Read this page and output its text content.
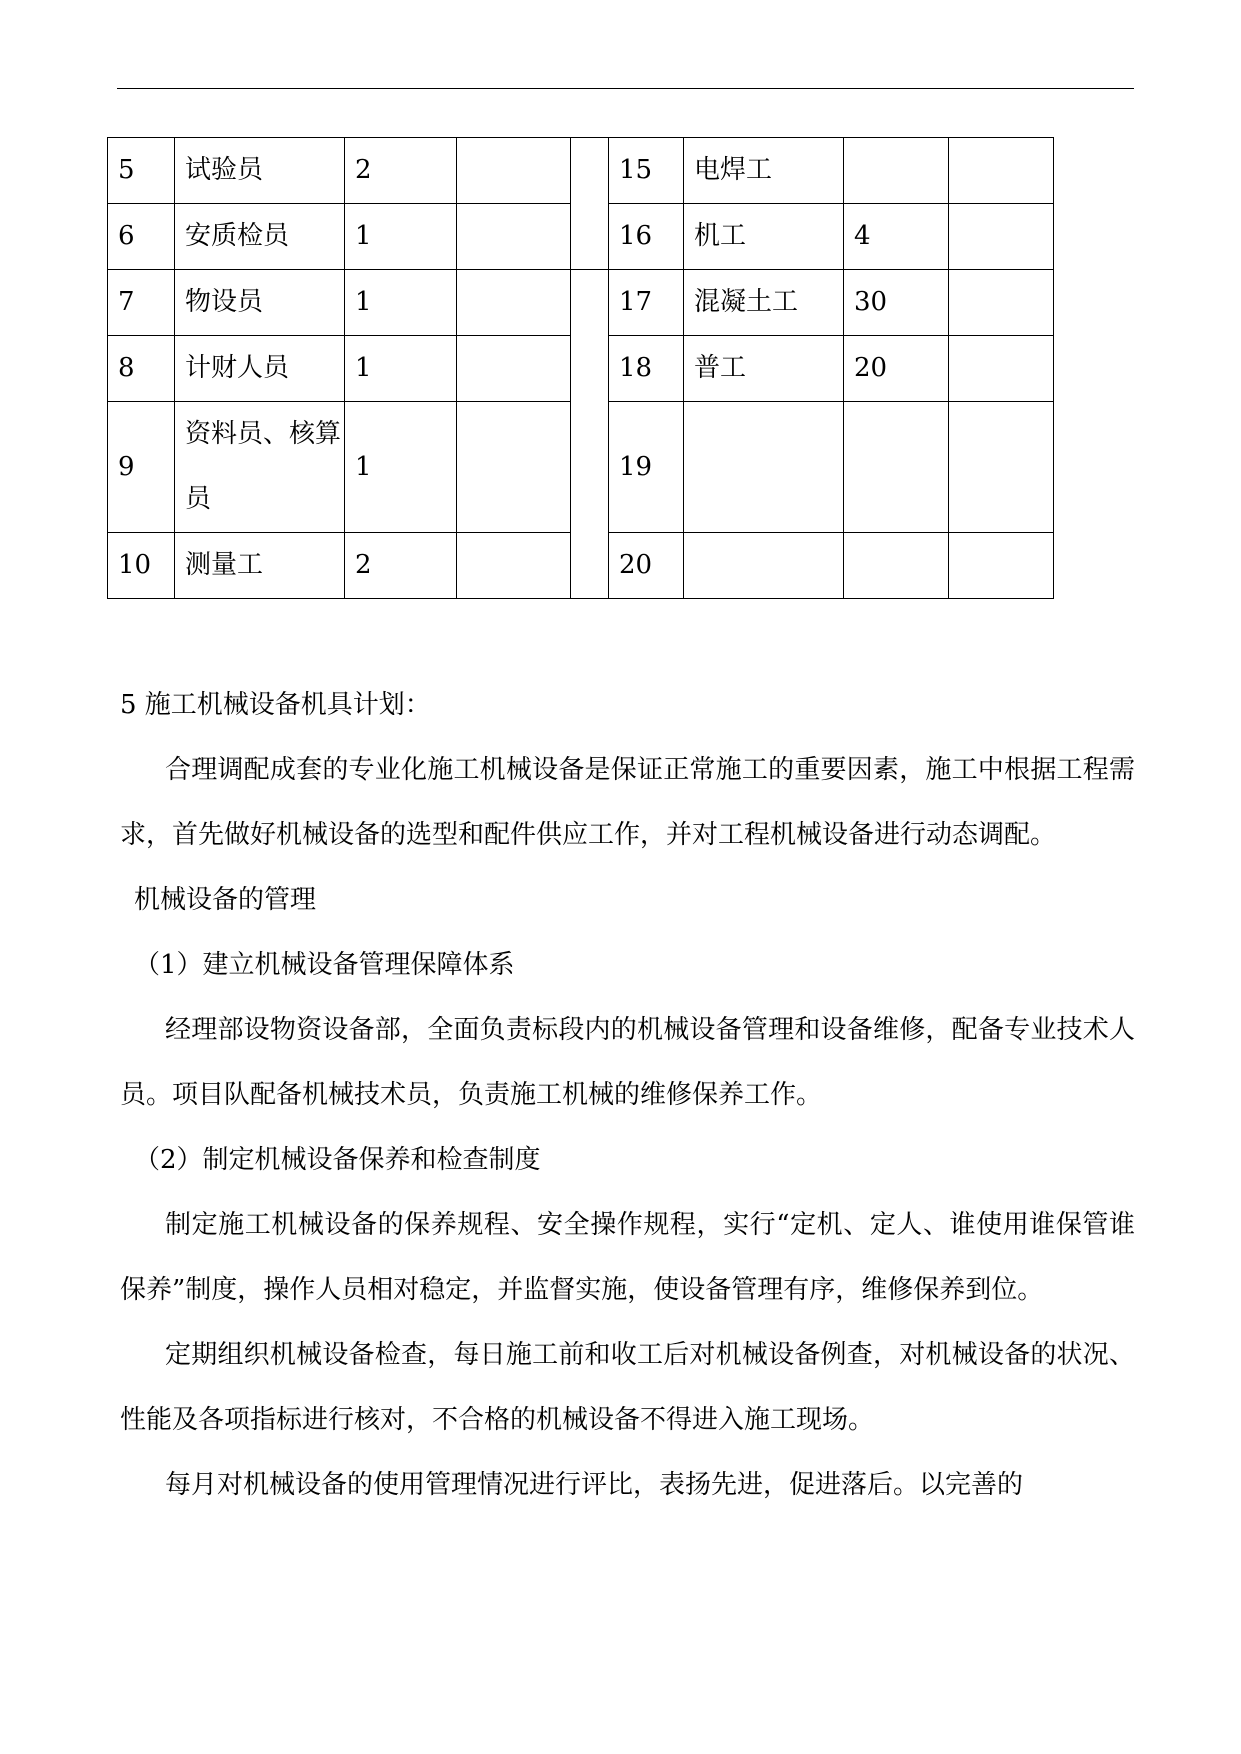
5	试验员	2			15	电焊工		
6	安质检员	1			16	机工	4	
7	物设员	1			17	混凝土工	30	
8	计财人员	1			18	普工	20	
9	资料员、核算员	1			19			
10	测量工	2			20			

5 施工机械设备机具计划：

合理调配成套的专业化施工机械设备是保证正常施工的重要因素，施工中根据工程需求，首先做好机械设备的选型和配件供应工作，并对工程机械设备进行动态调配。

机械设备的管理

（1）建立机械设备管理保障体系

经理部设物资设备部，全面负责标段内的机械设备管理和设备维修，配备专业技术人员。项目队配备机械技术员，负责施工机械的维修保养工作。

（2）制定机械设备保养和检查制度

制定施工机械设备的保养规程、安全操作规程，实行“定机、定人、谁使用谁保管谁保养”制度，操作人员相对稳定，并监督实施，使设备管理有序，维修保养到位。

定期组织机械设备检查，每日施工前和收工后对机械设备例查，对机械设备的状况、性能及各项指标进行核对，不合格的机械设备不得进入施工现场。

每月对机械设备的使用管理情况进行评比，表扬先进，促进落后。以完善的
